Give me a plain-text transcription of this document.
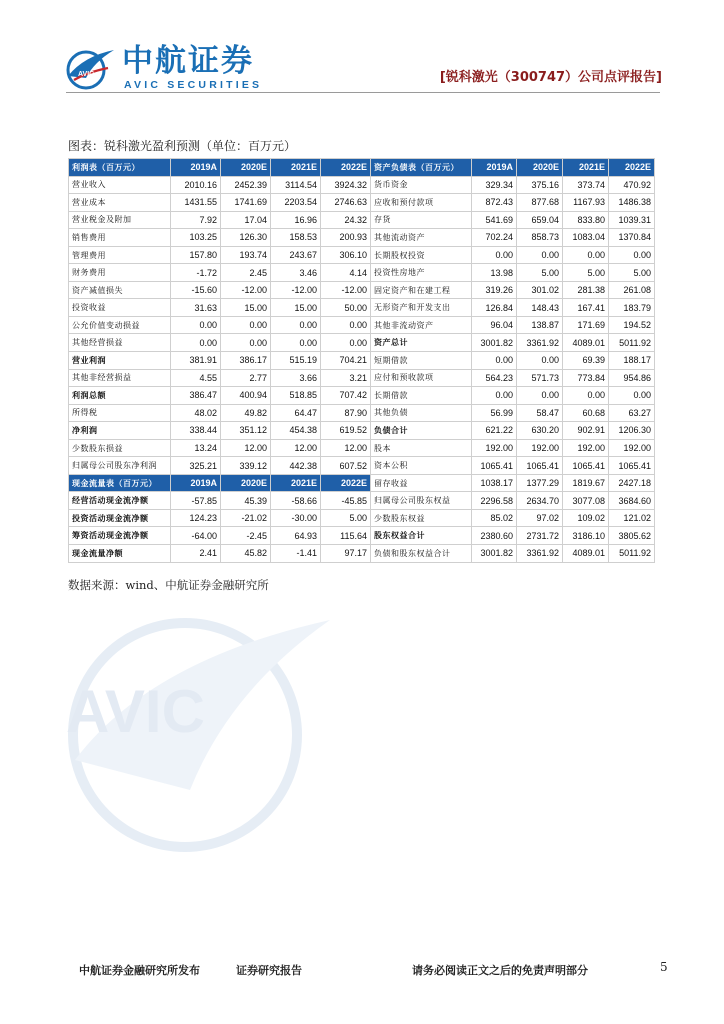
AVIC 中航证券
AVIC SECURITIES	[锐科激光（300747）公司点评报告]
AVIC
图表：锐科激光盈利预测（单位：百万元）
利润表（百万元）	2019A	2020E	2021E	2022E	资产负债表（百万元）	2019A	2020E	2021E	2022E
营业收入	2010.16	2452.39	3114.54	3924.32	货币资金	329.34	375.16	373.74	470.92
营业成本	1431.55	1741.69	2203.54	2746.63	应收和预付款项	872.43	877.68	1167.93	1486.38
营业税金及附加	7.92	17.04	16.96	24.32	存货	541.69	659.04	833.80	1039.31
销售费用	103.25	126.30	158.53	200.93	其他流动资产	702.24	858.73	1083.04	1370.84
管理费用	157.80	193.74	243.67	306.10	长期股权投资	0.00	0.00	0.00	0.00
财务费用	-1.72	2.45	3.46	4.14	投资性房地产	13.98	5.00	5.00	5.00
资产减值损失	-15.60	-12.00	-12.00	-12.00	固定资产和在建工程	319.26	301.02	281.38	261.08
投资收益	31.63	15.00	15.00	50.00	无形资产和开发支出	126.84	148.43	167.41	183.79
公允价值变动损益	0.00	0.00	0.00	0.00	其他非流动资产	96.04	138.87	171.69	194.52
其他经营损益	0.00	0.00	0.00	0.00	资产总计	3001.82	3361.92	4089.01	5011.92
营业利润	381.91	386.17	515.19	704.21	短期借款	0.00	0.00	69.39	188.17
其他非经营损益	4.55	2.77	3.66	3.21	应付和预收款项	564.23	571.73	773.84	954.86
利润总额	386.47	400.94	518.85	707.42	长期借款	0.00	0.00	0.00	0.00
所得税	48.02	49.82	64.47	87.90	其他负债	56.99	58.47	60.68	63.27
净利润	338.44	351.12	454.38	619.52	负债合计	621.22	630.20	902.91	1206.30
少数股东损益	13.24	12.00	12.00	12.00	股本	192.00	192.00	192.00	192.00
归属母公司股东净利润	325.21	339.12	442.38	607.52	资本公积	1065.41	1065.41	1065.41	1065.41
现金流量表（百万元）	2019A	2020E	2021E	2022E	留存收益	1038.17	1377.29	1819.67	2427.18
经营活动现金流净额	-57.85	45.39	-58.66	-45.85	归属母公司股东权益	2296.58	2634.70	3077.08	3684.60
投资活动现金流净额	124.23	-21.02	-30.00	5.00	少数股东权益	85.02	97.02	109.02	121.02
筹资活动现金流净额	-64.00	-2.45	64.93	115.64	股东权益合计	2380.60	2731.72	3186.10	3805.62
现金流量净额	2.41	45.82	-1.41	97.17	负债和股东权益合计	3001.82	3361.92	4089.01	5011.92
数据来源：wind、中航证券金融研究所
中航证券金融研究所发布	证券研究报告	请务必阅读正文之后的免责声明部分	5
